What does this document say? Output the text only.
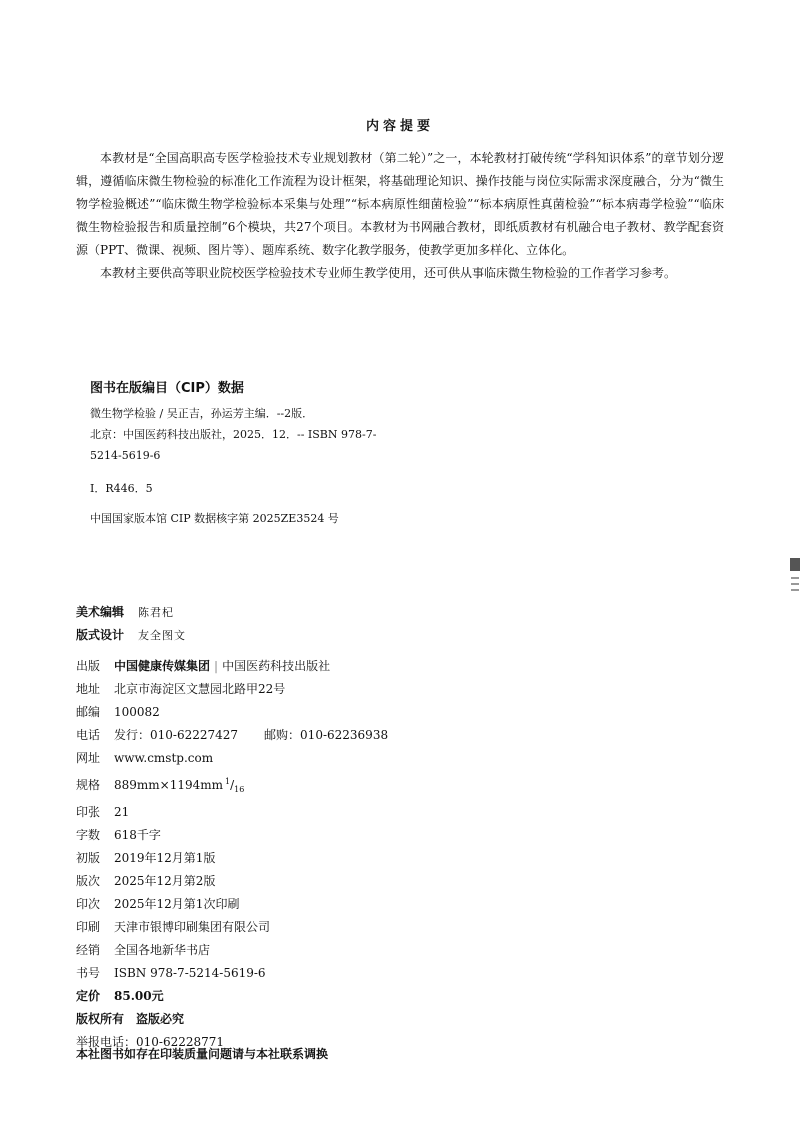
内容提要

本教材是“全国高职高专医学检验技术专业规划教材（第二轮）”之一，本轮教材打破传统“学科知识体系”的章节划分逻辑，遵循临床微生物检验的标准化工作流程为设计框架，将基础理论知识、操作技能与岗位实际需求深度融合，分为“微生物学检验概述”“临床微生物学检验标本采集与处理”“标本病原性细菌检验”“标本病原性真菌检验”“标本病毒学检验”“临床微生物检验报告和质量控制”6个模块，共27个项目。本教材为书网融合教材，即纸质教材有机融合电子教材、教学配套资源（PPT、微课、视频、图片等）、题库系统、数字化教学服务，使教学更加多样化、立体化。

本教材主要供高等职业院校医学检验技术专业师生教学使用，还可供从事临床微生物检验的工作者学习参考。

图书在版编目（CIP）数据
微生物学检验 / 吴正吉，孙运芳主编．--2版．
北京：中国医药科技出版社，2025．12．-- ISBN 978-7-
5214-5619-6
Ⅰ．R446．5
中国国家版本馆 CIP 数据核字第 2025ZE3524 号
美术编辑 陈君杞
版式设计 友全图文
出版 中国健康传媒集团 | 中国医药科技出版社
地址 北京市海淀区文慧园北路甲22号
邮编 100082
电话 发行：010-62227427 邮购：010-62236938
网址 www.cmstp.com
规格 889mm×1194mm $^1/_{16}$
印张 21
字数 618千字
初版 2019年12月第1版
版次 2025年12月第2版
印次 2025年12月第1次印刷
印刷 天津市银博印刷集团有限公司
经销 全国各地新华书店
书号 ISBN 978-7-5214-5619-6
定价 85.00元
版权所有　盗版必究
举报电话：010-62228771
本社图书如存在印装质量问题请与本社联系调换
